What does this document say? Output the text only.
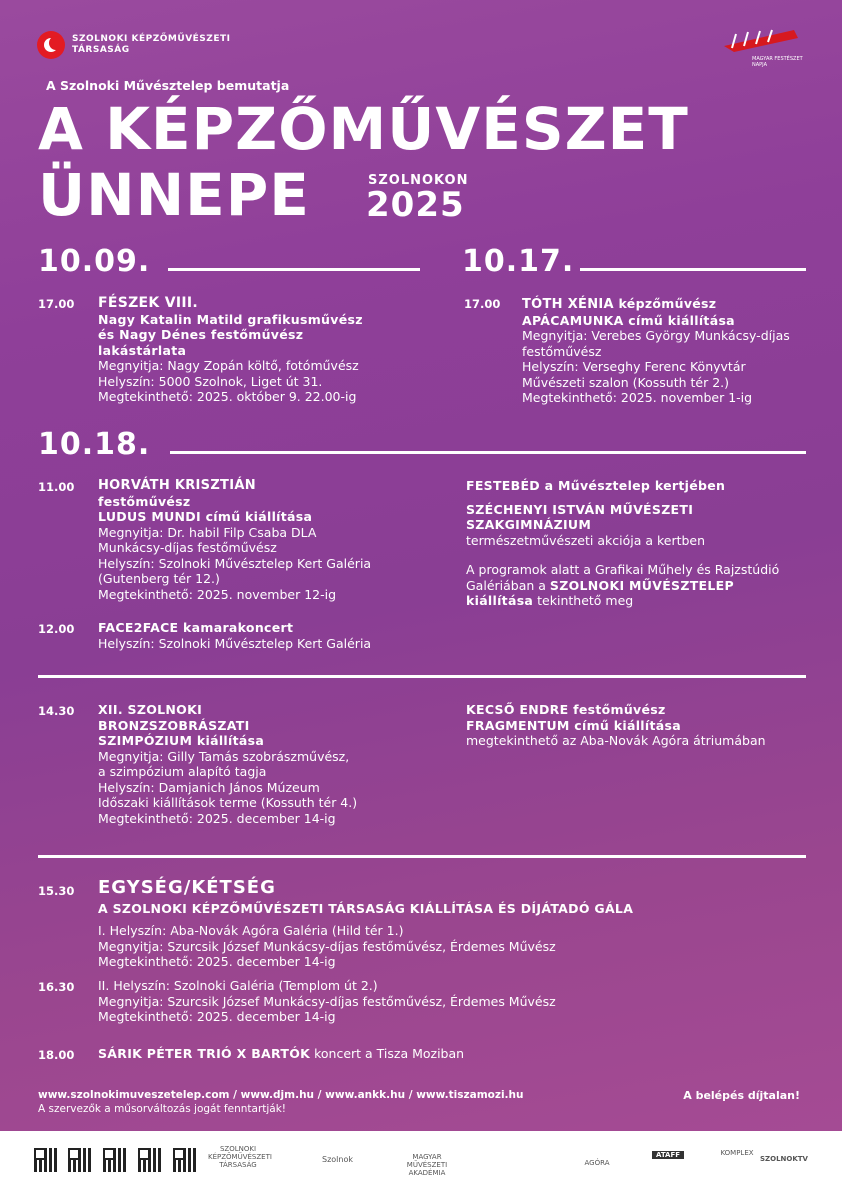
SZOLNOKI KÉPZŐMŰVÉSZETI TÁRSASÁG
MAGYAR FESTÉSZET NAPJA
A Szolnoki Művésztelep bemutatja
A KÉPZŐMŰVÉSZET
ÜNNEPE	SZOLNOKON
2025
10.09.
17.00 FÉSZEK VIII.
Nagy Katalin Matild grafikusművész
és Nagy Dénes festőművész
lakástárlata
Megnyitja: Nagy Zopán költő, fotóművész
Helyszín: 5000 Szolnok, Liget út 31.
Megtekinthető: 2025. október 9. 22.00-ig
10.17.
17.00 TÓTH XÉNIA képzőművész
APÁCAMUNKA című kiállítása
Megnyitja: Verebes György Munkácsy-díjas
festőművész
Helyszín: Verseghy Ferenc Könyvtár
Művészeti szalon (Kossuth tér 2.)
Megtekinthető: 2025. november 1-ig
10.18.
11.00 HORVÁTH KRISZTIÁN
festőművész
LUDUS MUNDI című kiállítása
Megnyitja: Dr. habil Filp Csaba DLA
Munkácsy-díjas festőművész
Helyszín: Szolnoki Művésztelep Kert Galéria
(Gutenberg tér 12.)
Megtekinthető: 2025. november 12-ig
12.00 FACE2FACE kamarakoncert
Helyszín: Szolnoki Művésztelep Kert Galéria
FESTEBÉD a Művésztelep kertjében
SZÉCHENYI ISTVÁN MŰVÉSZETI
SZAKGIMNÁZIUM
természetművészeti akciója a kertben
A programok alatt a Grafikai Műhely és Rajzstúdió
Galériában a SZOLNOKI MŰVÉSZTELEP
kiállítása tekinthető meg
14.30 XII. SZOLNOKI
BRONZSZOBRÁSZATI
SZIMPÓZIUM kiállítása
Megnyitja: Gilly Tamás szobrászművész,
a szimpózium alapító tagja
Helyszín: Damjanich János Múzeum
Időszaki kiállítások terme (Kossuth tér 4.)
Megtekinthető: 2025. december 14-ig
KECSŐ ENDRE festőművész
FRAGMENTUM című kiállítása
megtekinthető az Aba-Novák Agóra átriumában
15.30 EGYSÉG/KÉTSÉG
A SZOLNOKI KÉPZŐMŰVÉSZETI TÁRSASÁG KIÁLLÍTÁSA ÉS DÍJÁTADÓ GÁLA
I. Helyszín: Aba-Novák Agóra Galéria (Hild tér 1.)
Megnyitja: Szurcsik József Munkácsy-díjas festőművész, Érdemes Művész
Megtekinthető: 2025. december 14-ig
16.30 II. Helyszín: Szolnoki Galéria (Templom út 2.)
Megnyitja: Szurcsik József Munkácsy-díjas festőművész, Érdemes Művész
Megtekinthető: 2025. december 14-ig
18.00 SÁRIK PÉTER TRIÓ X BARTÓK koncert a Tisza Moziban
www.szolnokimuveszetelep.com / www.djm.hu / www.ankk.hu / www.tiszamozi.hu
A szervezők a műsorváltozás jogát fenntartják!
A belépés díjtalan!
SZOLNOKI KÉPZŐMŰVÉSZETI TÁRSASÁG
Szolnok	MAGYAR MŰVÉSZETI AKADÉMIA
AGÓRA
ATAFF	KOMPLEX
SZOLNOKTV
